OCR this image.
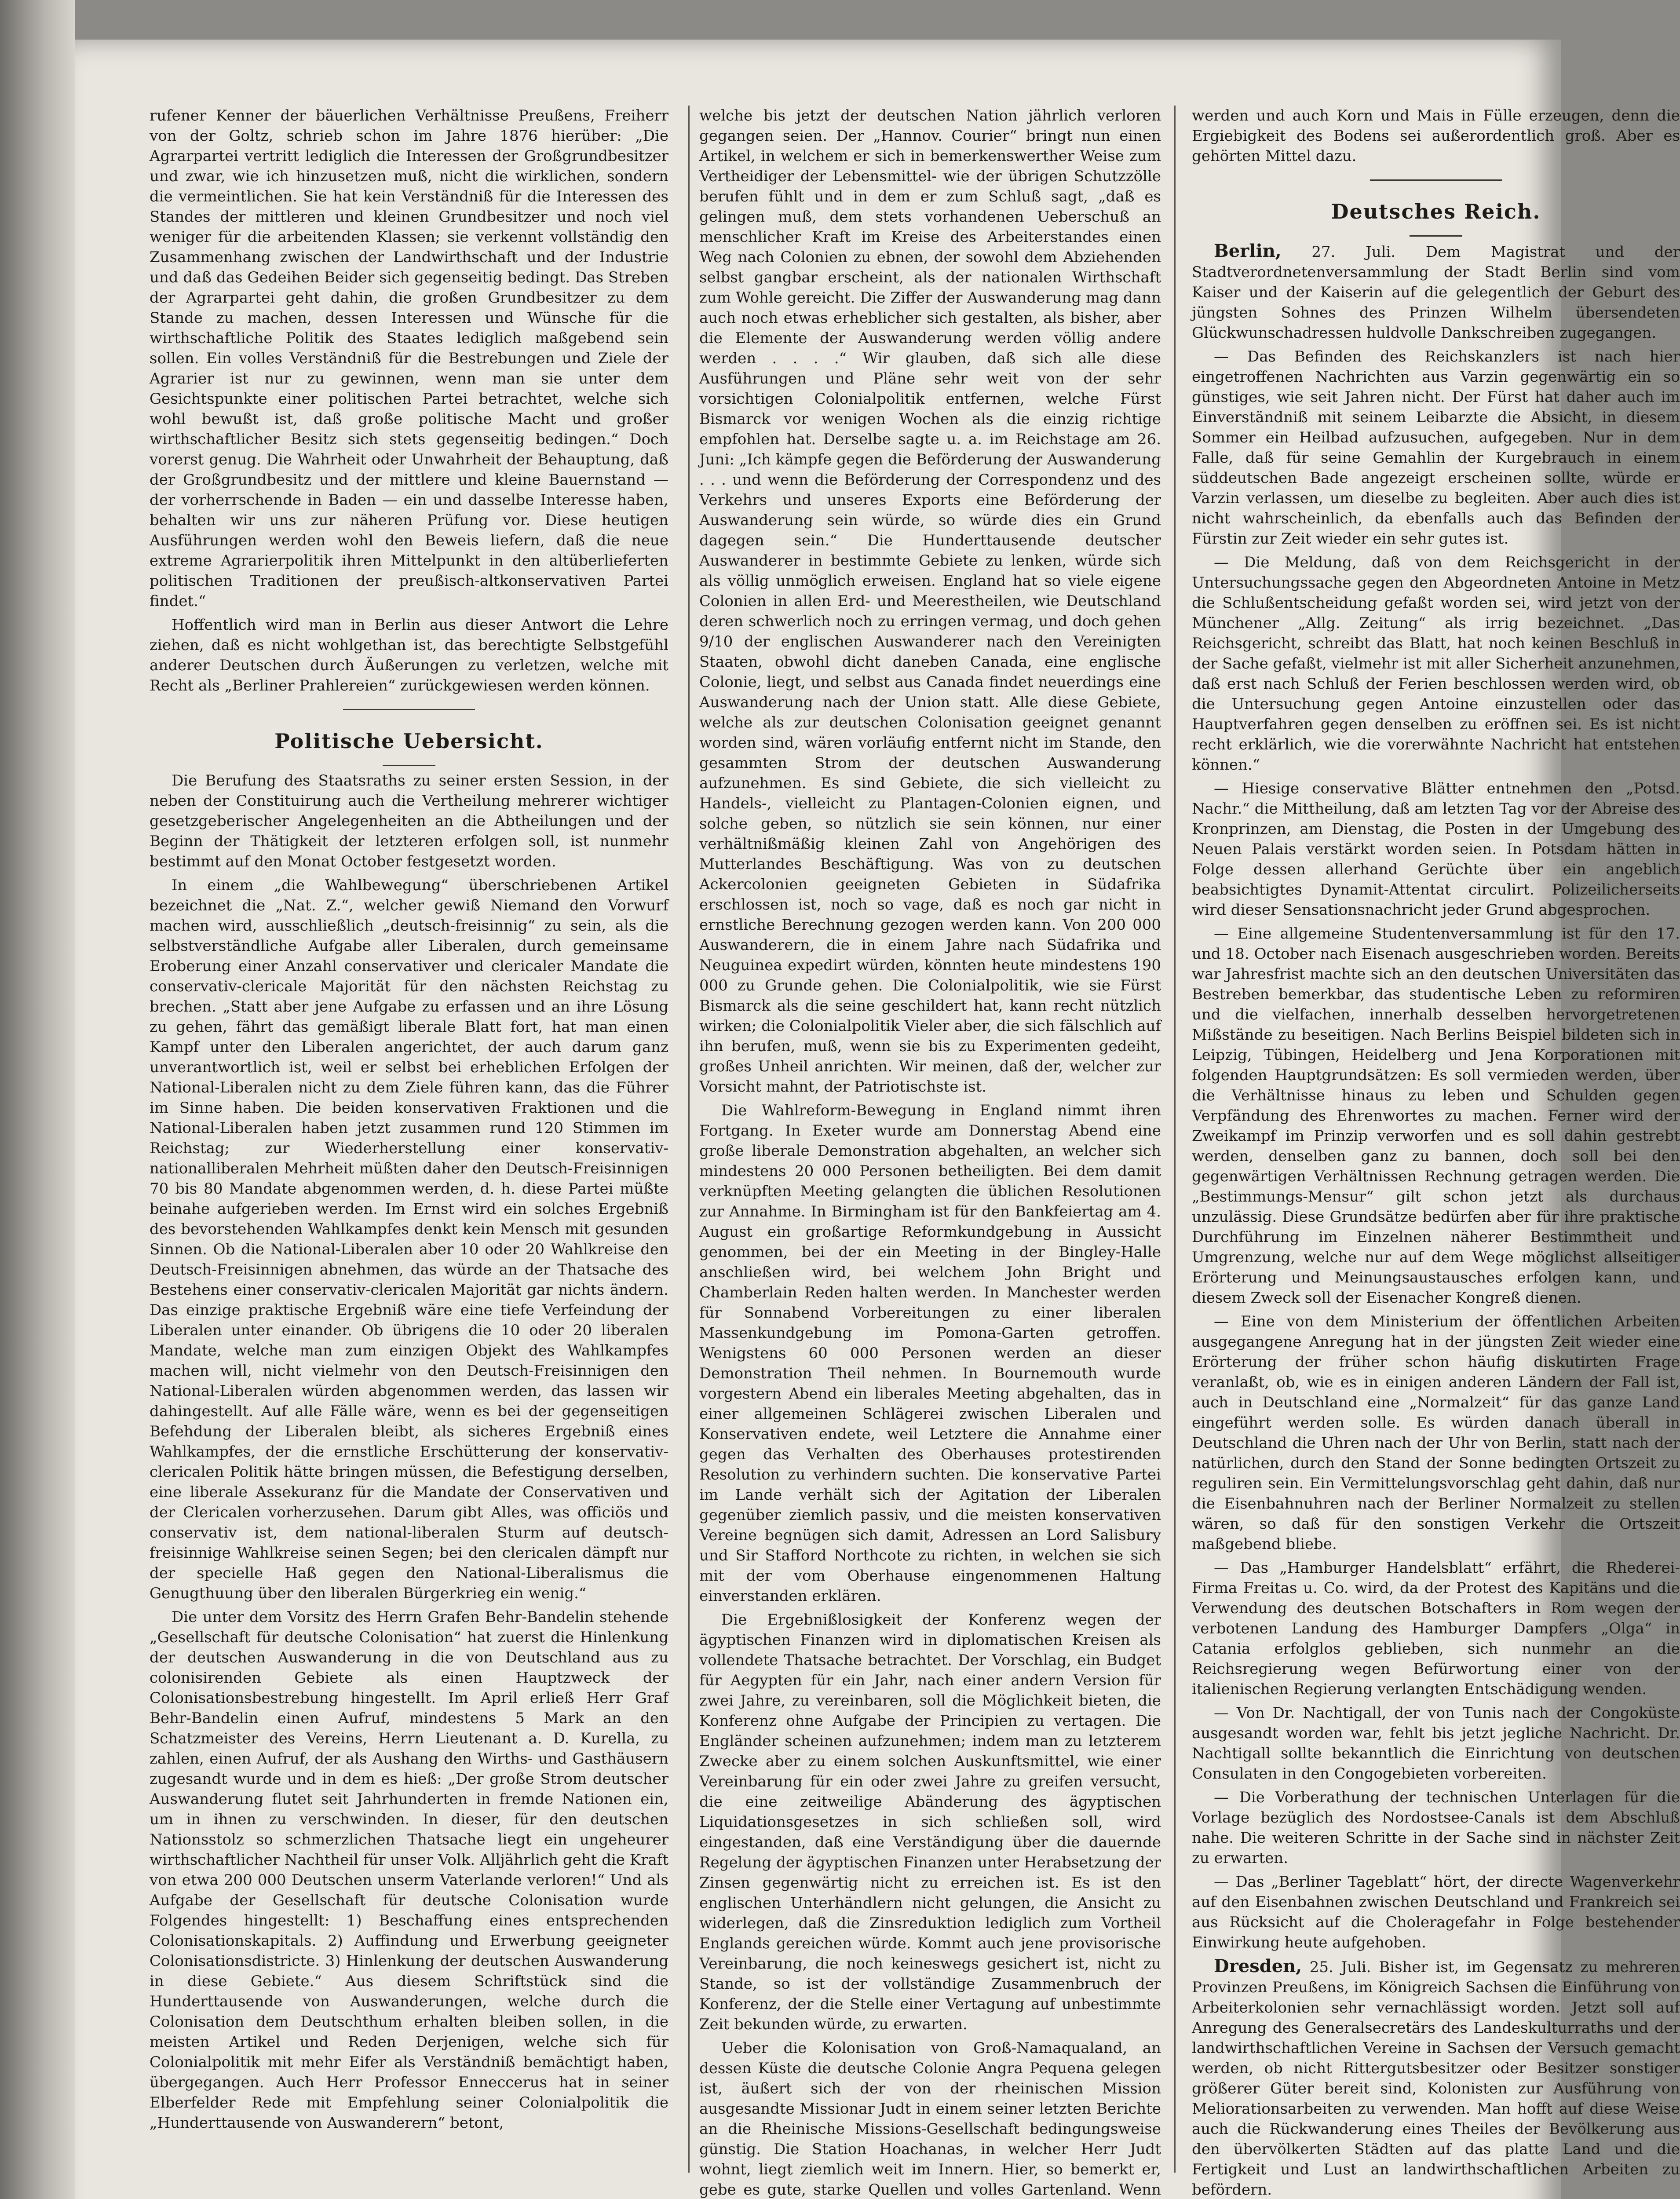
rufener Kenner der bäuerlichen Verhältnisse Preußens, Freiherr von der Goltz, schrieb schon im Jahre 1876 hierüber: „Die Agrarpartei vertritt lediglich die Interessen der Großgrundbesitzer und zwar, wie ich hinzusetzen muß, nicht die wirklichen, sondern die vermeintlichen. Sie hat kein Verständniß für die Interessen des Standes der mittleren und kleinen Grundbesitzer und noch viel weniger für die arbeitenden Klassen; sie verkennt vollständig den Zusammenhang zwischen der Landwirthschaft und der Industrie und daß das Gedeihen Beider sich gegenseitig bedingt. Das Streben der Agrarpartei geht dahin, die großen Grundbesitzer zu dem Stande zu machen, dessen Interessen und Wünsche für die wirthschaftliche Politik des Staates lediglich maßgebend sein sollen. Ein volles Verständniß für die Bestrebungen und Ziele der Agrarier ist nur zu gewinnen, wenn man sie unter dem Gesichtspunkte einer politischen Partei betrachtet, welche sich wohl bewußt ist, daß große politische Macht und großer wirthschaftlicher Besitz sich stets gegenseitig bedingen.“ Doch vorerst genug. Die Wahrheit oder Unwahrheit der Behauptung, daß der Großgrundbesitz und der mittlere und kleine Bauernstand — der vorherrschende in Baden — ein und dasselbe Interesse haben, behalten wir uns zur näheren Prüfung vor. Diese heutigen Ausführungen werden wohl den Beweis liefern, daß die neue extreme Agrarierpolitik ihren Mittelpunkt in den altüberlieferten politischen Traditionen der preußisch-altkonservativen Partei findet.“

Hoffentlich wird man in Berlin aus dieser Antwort die Lehre ziehen, daß es nicht wohlgethan ist, das berechtigte Selbstgefühl anderer Deutschen durch Äußerungen zu verletzen, welche mit Recht als „Berliner Prahlereien“ zurückgewiesen werden können.

Politische Uebersicht.

Die Berufung des Staatsraths zu seiner ersten Session, in der neben der Constituirung auch die Vertheilung mehrerer wichtiger gesetzgeberischer Angelegenheiten an die Abtheilungen und der Beginn der Thätigkeit der letzteren erfolgen soll, ist nunmehr bestimmt auf den Monat October festgesetzt worden.

In einem „die Wahlbewegung“ überschriebenen Artikel bezeichnet die „Nat. Z.“, welcher gewiß Niemand den Vorwurf machen wird, ausschließlich „deutsch-freisinnig“ zu sein, als die selbstverständliche Aufgabe aller Liberalen, durch gemeinsame Eroberung einer Anzahl conservativer und clericaler Mandate die conservativ-clericale Majorität für den nächsten Reichstag zu brechen. „Statt aber jene Aufgabe zu erfassen und an ihre Lösung zu gehen, fährt das gemäßigt liberale Blatt fort, hat man einen Kampf unter den Liberalen angerichtet, der auch darum ganz unverantwortlich ist, weil er selbst bei erheblichen Erfolgen der National-Liberalen nicht zu dem Ziele führen kann, das die Führer im Sinne haben. Die beiden konservativen Fraktionen und die National-Liberalen haben jetzt zusammen rund 120 Stimmen im Reichstag; zur Wiederherstellung einer konservativ-nationalliberalen Mehrheit müßten daher den Deutsch-Freisinnigen 70 bis 80 Mandate abgenommen werden, d. h. diese Partei müßte beinahe aufgerieben werden. Im Ernst wird ein solches Ergebniß des bevorstehenden Wahlkampfes denkt kein Mensch mit gesunden Sinnen. Ob die National-Liberalen aber 10 oder 20 Wahlkreise den Deutsch-Freisinnigen abnehmen, das würde an der Thatsache des Bestehens einer conservativ-clericalen Majorität gar nichts ändern. Das einzige praktische Ergebniß wäre eine tiefe Verfeindung der Liberalen unter einander. Ob übrigens die 10 oder 20 liberalen Mandate, welche man zum einzigen Objekt des Wahlkampfes machen will, nicht vielmehr von den Deutsch-Freisinnigen den National-Liberalen würden abgenommen werden, das lassen wir dahingestellt. Auf alle Fälle wäre, wenn es bei der gegenseitigen Befehdung der Liberalen bleibt, als sicheres Ergebniß eines Wahlkampfes, der die ernstliche Erschütterung der konservativ-clericalen Politik hätte bringen müssen, die Befestigung derselben, eine liberale Assekuranz für die Mandate der Conservativen und der Clericalen vorherzusehen. Darum gibt Alles, was officiös und conservativ ist, dem national-liberalen Sturm auf deutsch-freisinnige Wahlkreise seinen Segen; bei den clericalen dämpft nur der specielle Haß gegen den National-Liberalismus die Genugthuung über den liberalen Bürgerkrieg ein wenig.“

Die unter dem Vorsitz des Herrn Grafen Behr-Bandelin stehende „Gesellschaft für deutsche Colonisation“ hat zuerst die Hinlenkung der deutschen Auswanderung in die von Deutschland aus zu colonisirenden Gebiete als einen Hauptzweck der Colonisationsbestrebung hingestellt. Im April erließ Herr Graf Behr-Bandelin einen Aufruf, mindestens 5 Mark an den Schatzmeister des Vereins, Herrn Lieutenant a. D. Kurella, zu zahlen, einen Aufruf, der als Aushang den Wirths- und Gasthäusern zugesandt wurde und in dem es hieß: „Der große Strom deutscher Auswanderung flutet seit Jahrhunderten in fremde Nationen ein, um in ihnen zu verschwinden. In dieser, für den deutschen Nationsstolz so schmerzlichen Thatsache liegt ein ungeheurer wirthschaftlicher Nachtheil für unser Volk. Alljährlich geht die Kraft von etwa 200 000 Deutschen unserm Vaterlande verloren!“ Und als Aufgabe der Gesellschaft für deutsche Colonisation wurde Folgendes hingestellt: 1) Beschaffung eines entsprechenden Colonisationskapitals. 2) Auffindung und Erwerbung geeigneter Colonisationsdistricte. 3) Hinlenkung der deutschen Auswanderung in diese Gebiete.“ Aus diesem Schriftstück sind die Hunderttausende von Auswanderungen, welche durch die Colonisation dem Deutschthum erhalten bleiben sollen, in die meisten Artikel und Reden Derjenigen, welche sich für Colonialpolitik mit mehr Eifer als Verständniß bemächtigt haben, übergegangen. Auch Herr Professor Enneccerus hat in seiner Elberfelder Rede mit Empfehlung seiner Colonialpolitik die „Hunderttausende von Auswanderern“ betont,

welche bis jetzt der deutschen Nation jährlich verloren gegangen seien. Der „Hannov. Courier“ bringt nun einen Artikel, in welchem er sich in bemerkenswerther Weise zum Vertheidiger der Lebensmittel- wie der übrigen Schutzzölle berufen fühlt und in dem er zum Schluß sagt, „daß es gelingen muß, dem stets vorhandenen Ueberschuß an menschlicher Kraft im Kreise des Arbeiterstandes einen Weg nach Colonien zu ebnen, der sowohl dem Abziehenden selbst gangbar erscheint, als der nationalen Wirthschaft zum Wohle gereicht. Die Ziffer der Auswanderung mag dann auch noch etwas erheblicher sich gestalten, als bisher, aber die Elemente der Auswanderung werden völlig andere werden . . . .“ Wir glauben, daß sich alle diese Ausführungen und Pläne sehr weit von der sehr vorsichtigen Colonialpolitik entfernen, welche Fürst Bismarck vor wenigen Wochen als die einzig richtige empfohlen hat. Derselbe sagte u. a. im Reichstage am 26. Juni: „Ich kämpfe gegen die Beförderung der Auswanderung . . . und wenn die Beförderung der Correspondenz und des Verkehrs und unseres Exports eine Beförderung der Auswanderung sein würde, so würde dies ein Grund dagegen sein.“ Die Hunderttausende deutscher Auswanderer in bestimmte Gebiete zu lenken, würde sich als völlig unmöglich erweisen. England hat so viele eigene Colonien in allen Erd- und Meerestheilen, wie Deutschland deren schwerlich noch zu erringen vermag, und doch gehen 9/10 der englischen Auswanderer nach den Vereinigten Staaten, obwohl dicht daneben Canada, eine englische Colonie, liegt, und selbst aus Canada findet neuerdings eine Auswanderung nach der Union statt. Alle diese Gebiete, welche als zur deutschen Colonisation geeignet genannt worden sind, wären vorläufig entfernt nicht im Stande, den gesammten Strom der deutschen Auswanderung aufzunehmen. Es sind Gebiete, die sich vielleicht zu Handels-, vielleicht zu Plantagen-Colonien eignen, und solche geben, so nützlich sie sein können, nur einer verhältnißmäßig kleinen Zahl von Angehörigen des Mutterlandes Beschäftigung. Was von zu deutschen Ackercolonien geeigneten Gebieten in Südafrika erschlossen ist, noch so vage, daß es noch gar nicht in ernstliche Berechnung gezogen werden kann. Von 200 000 Auswanderern, die in einem Jahre nach Südafrika und Neuguinea expedirt würden, könnten heute mindestens 190 000 zu Grunde gehen. Die Colonialpolitik, wie sie Fürst Bismarck als die seine geschildert hat, kann recht nützlich wirken; die Colonialpolitik Vieler aber, die sich fälschlich auf ihn berufen, muß, wenn sie bis zu Experimenten gedeiht, großes Unheil anrichten. Wir meinen, daß der, welcher zur Vorsicht mahnt, der Patriotischste ist.

Die Wahlreform-Bewegung in England nimmt ihren Fortgang. In Exeter wurde am Donnerstag Abend eine große liberale Demonstration abgehalten, an welcher sich mindestens 20 000 Personen betheiligten. Bei dem damit verknüpften Meeting gelangten die üblichen Resolutionen zur Annahme. In Birmingham ist für den Bankfeiertag am 4. August ein großartige Reformkundgebung in Aussicht genommen, bei der ein Meeting in der Bingley-Halle anschließen wird, bei welchem John Bright und Chamberlain Reden halten werden. In Manchester werden für Sonnabend Vorbereitungen zu einer liberalen Massenkundgebung im Pomona-Garten getroffen. Wenigstens 60 000 Personen werden an dieser Demonstration Theil nehmen. In Bournemouth wurde vorgestern Abend ein liberales Meeting abgehalten, das in einer allgemeinen Schlägerei zwischen Liberalen und Konservativen endete, weil Letztere die Annahme einer gegen das Verhalten des Oberhauses protestirenden Resolution zu verhindern suchten. Die konservative Partei im Lande verhält sich der Agitation der Liberalen gegenüber ziemlich passiv, und die meisten konservativen Vereine begnügen sich damit, Adressen an Lord Salisbury und Sir Stafford Northcote zu richten, in welchen sie sich mit der vom Oberhause eingenommenen Haltung einverstanden erklären.

Die Ergebnißlosigkeit der Konferenz wegen der ägyptischen Finanzen wird in diplomatischen Kreisen als vollendete Thatsache betrachtet. Der Vorschlag, ein Budget für Aegypten für ein Jahr, nach einer andern Version für zwei Jahre, zu vereinbaren, soll die Möglichkeit bieten, die Konferenz ohne Aufgabe der Principien zu vertagen. Die Engländer scheinen aufzunehmen; indem man zu letzterem Zwecke aber zu einem solchen Auskunftsmittel, wie einer Vereinbarung für ein oder zwei Jahre zu greifen versucht, die eine zeitweilige Abänderung des ägyptischen Liquidationsgesetzes in sich schließen soll, wird eingestanden, daß eine Verständigung über die dauernde Regelung der ägyptischen Finanzen unter Herabsetzung der Zinsen gegenwärtig nicht zu erreichen ist. Es ist den englischen Unterhändlern nicht gelungen, die Ansicht zu widerlegen, daß die Zinsreduktion lediglich zum Vortheil Englands gereichen würde. Kommt auch jene provisorische Vereinbarung, die noch keineswegs gesichert ist, nicht zu Stande, so ist der vollständige Zusammenbruch der Konferenz, der die Stelle einer Vertagung auf unbestimmte Zeit bekunden würde, zu erwarten.

Ueber die Kolonisation von Groß-Namaqualand, an dessen Küste die deutsche Colonie Angra Pequena gelegen ist, äußert sich der von der rheinischen Mission ausgesandte Missionar Judt in einem seiner letzten Berichte an die Rheinische Missions-Gesellschaft bedingungsweise günstig. Die Station Hoachanas, in welcher Herr Judt wohnt, liegt ziemlich weit im Innern. Hier, so bemerkt er, gebe es gute, starke Quellen und volles Gartenland. Wenn

werden und auch Korn und Mais in Fülle erzeugen, denn die Ergiebigkeit des Bodens sei außerordentlich groß. Aber es gehörten Mittel dazu.

Deutsches Reich.

Berlin, 27. Juli. Dem Magistrat und der Stadtverordnetenversammlung der Stadt Berlin sind vom Kaiser und der Kaiserin auf die gelegentlich der Geburt des jüngsten Sohnes des Prinzen Wilhelm übersendeten Glückwunschadressen huldvolle Dankschreiben zugegangen.

— Das Befinden des Reichskanzlers ist nach hier eingetroffenen Nachrichten aus Varzin gegenwärtig ein so günstiges, wie seit Jahren nicht. Der Fürst hat daher auch im Einverständniß mit seinem Leibarzte die Absicht, in diesem Sommer ein Heilbad aufzusuchen, aufgegeben. Nur in dem Falle, daß für seine Gemahlin der Kurgebrauch in einem süddeutschen Bade angezeigt erscheinen sollte, würde er Varzin verlassen, um dieselbe zu begleiten. Aber auch dies ist nicht wahrscheinlich, da ebenfalls auch das Befinden der Fürstin zur Zeit wieder ein sehr gutes ist.

— Die Meldung, daß von dem Reichsgericht in der Untersuchungssache gegen den Abgeordneten Antoine in Metz die Schlußentscheidung gefaßt worden sei, wird jetzt von der Münchener „Allg. Zeitung“ als irrig bezeichnet. „Das Reichsgericht, schreibt das Blatt, hat noch keinen Beschluß in der Sache gefaßt, vielmehr ist mit aller Sicherheit anzunehmen, daß erst nach Schluß der Ferien beschlossen werden wird, ob die Untersuchung gegen Antoine einzustellen oder das Hauptverfahren gegen denselben zu eröffnen sei. Es ist nicht recht erklärlich, wie die vorerwähnte Nachricht hat entstehen können.“

— Hiesige conservative Blätter entnehmen den „Potsd. Nachr.“ die Mittheilung, daß am letzten Tag vor der Abreise des Kronprinzen, am Dienstag, die Posten in der Umgebung des Neuen Palais verstärkt worden seien. In Potsdam hätten in Folge dessen allerhand Gerüchte über ein angeblich beabsichtigtes Dynamit-Attentat circulirt. Polizeilicherseits wird dieser Sensationsnachricht jeder Grund abgesprochen.

— Eine allgemeine Studentenversammlung ist für den 17. und 18. October nach Eisenach ausgeschrieben worden. Bereits war Jahresfrist machte sich an den deutschen Universitäten das Bestreben bemerkbar, das studentische Leben zu reformiren und die vielfachen, innerhalb desselben hervorgetretenen Mißstände zu beseitigen. Nach Berlins Beispiel bildeten sich in Leipzig, Tübingen, Heidelberg und Jena Korporationen mit folgenden Hauptgrundsätzen: Es soll vermieden werden, über die Verhältnisse hinaus zu leben und Schulden gegen Verpfändung des Ehrenwortes zu machen. Ferner wird der Zweikampf im Prinzip verworfen und es soll dahin gestrebt werden, denselben ganz zu bannen, doch soll bei den gegenwärtigen Verhältnissen Rechnung getragen werden. Die „Bestimmungs-Mensur“ gilt schon jetzt als durchaus unzulässig. Diese Grundsätze bedürfen aber für ihre praktische Durchführung im Einzelnen näherer Bestimmtheit und Umgrenzung, welche nur auf dem Wege möglichst allseitiger Erörterung und Meinungsaustausches erfolgen kann, und diesem Zweck soll der Eisenacher Kongreß dienen.

— Eine von dem Ministerium der öffentlichen Arbeiten ausgegangene Anregung hat in der jüngsten Zeit wieder eine Erörterung der früher schon häufig diskutirten Frage veranlaßt, ob, wie es in einigen anderen Ländern der Fall ist, auch in Deutschland eine „Normalzeit“ für das ganze Land eingeführt werden solle. Es würden danach überall in Deutschland die Uhren nach der Uhr von Berlin, statt nach der natürlichen, durch den Stand der Sonne bedingten Ortszeit zu reguliren sein. Ein Vermittelungsvorschlag geht dahin, daß nur die Eisenbahnuhren nach der Berliner Normalzeit zu stellen wären, so daß für den sonstigen Verkehr die Ortszeit maßgebend bliebe.

— Das „Hamburger Handelsblatt“ erfährt, die Rhederei-Firma Freitas u. Co. wird, da der Protest des Kapitäns und die Verwendung des deutschen Botschafters in Rom wegen der verbotenen Landung des Hamburger Dampfers „Olga“ in Catania erfolglos geblieben, sich nunmehr an die Reichsregierung wegen Befürwortung einer von der italienischen Regierung verlangten Entschädigung wenden.

— Von Dr. Nachtigall, der von Tunis nach der Congoküste ausgesandt worden war, fehlt bis jetzt jegliche Nachricht. Dr. Nachtigall sollte bekanntlich die Einrichtung von deutschen Consulaten in den Congogebieten vorbereiten.

— Die Vorberathung der technischen Unterlagen für die Vorlage bezüglich des Nordostsee-Canals ist dem Abschluß nahe. Die weiteren Schritte in der Sache sind in nächster Zeit zu erwarten.

— Das „Berliner Tageblatt“ hört, der directe Wagenverkehr auf den Eisenbahnen zwischen Deutschland und Frankreich sei aus Rücksicht auf die Choleragefahr in Folge bestehender Einwirkung heute aufgehoben.

Dresden, 25. Juli. Bisher ist, im Gegensatz zu mehreren Provinzen Preußens, im Königreich Sachsen die Einführung von Arbeiterkolonien sehr vernachlässigt worden. Jetzt soll auf Anregung des Generalsecretärs des Landeskulturraths und der landwirthschaftlichen Vereine in Sachsen der Versuch gemacht werden, ob nicht Rittergutsbesitzer oder Besitzer sonstiger größerer Güter bereit sind, Kolonisten zur Ausführung von Meliorationsarbeiten zu verwenden. Man hofft auf diese Weise auch die Rückwanderung eines Theiles der Bevölkerung aus den übervölkerten Städten auf das platte Land und die Fertigkeit und Lust an landwirthschaftlichen Arbeiten zu befördern.
